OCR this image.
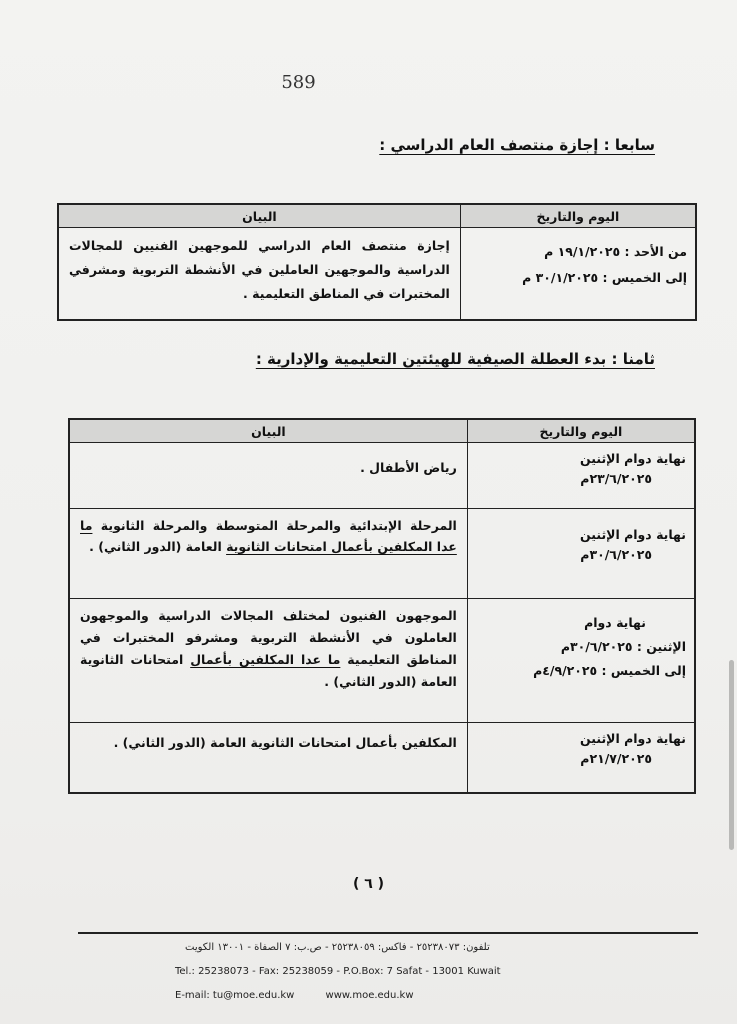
589
سابعا : إجازة منتصف العام الدراسي :
اليوم والتاريخ	البيان

من الأحد : ١٩/١/٢٠٢٥ م
إلى الخميس : ٣٠/١/٢٠٢٥ م	إجازة منتصف العام الدراسي للموجهين الفنيين للمجالات الدراسية والموجهين العاملين في الأنشطة التربوية ومشرفي المختبرات في المناطق التعليمية .
ثامنا : بدء العطلة الصيفية للهيئتين التعليمية والإدارية :
اليوم والتاريخ	البيان

نهاية دوام الإثنين
٢٣/٦/٢٠٢٥م	رياض الأطفال .

نهاية دوام الإثنين
٣٠/٦/٢٠٢٥م	المرحلة الإبتدائية والمرحلة المتوسطة والمرحلة الثانوية ما عدا المكلفين بأعمال امتحانات الثانوية العامة (الدور الثاني) .

نهاية دوام
الإثنين : ٣٠/٦/٢٠٢٥م
إلى الخميس : ٤/٩/٢٠٢٥م	الموجهون الفنيون لمختلف المجالات الدراسية والموجهون العاملون في الأنشطة التربوية ومشرفو المختبرات في المناطق التعليمية ما عدا المكلفين بأعمال امتحانات الثانوية العامة (الدور الثاني) .

نهاية دوام الإثنين
٢١/٧/٢٠٢٥م	المكلفين بأعمال امتحانات الثانوية العامة (الدور الثاني) .
( ٦ )
تلفون: ٢٥٢٣٨٠٧٣ - فاكس: ٢٥٢٣٨٠٥٩ - ص.ب: ٧ الصفاة - ١٣٠٠١ الكويت
Tel.: 25238073 - Fax: 25238059 - P.O.Box: 7 Safat - 13001 Kuwait
E-mail: tu@moe.edu.kw	www.moe.edu.kw
